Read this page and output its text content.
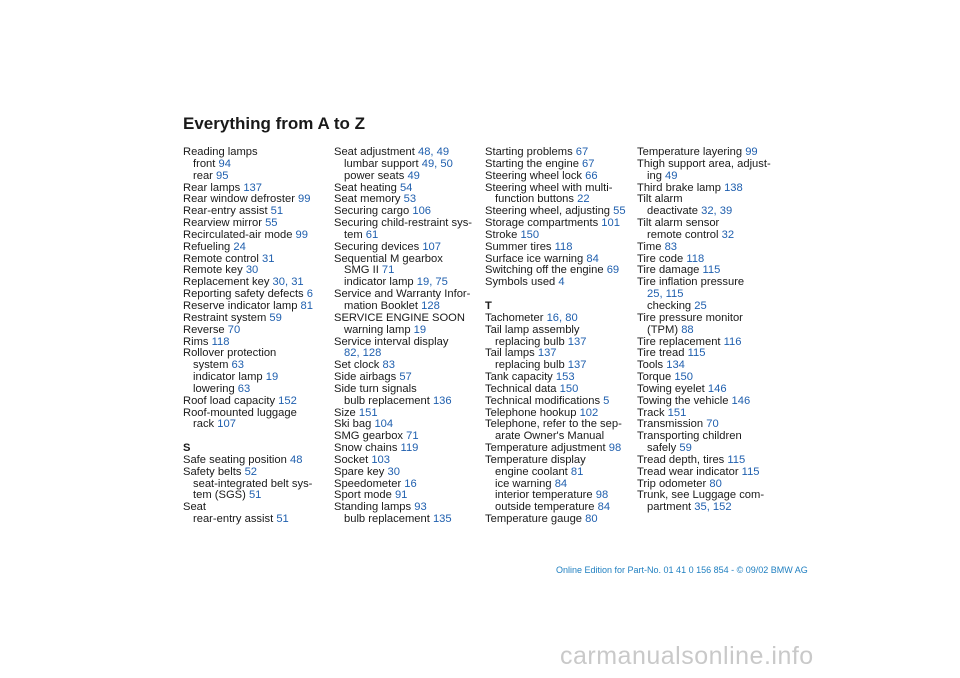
Everything from A to Z
Reading lamps
front 94
rear 95
Rear lamps 137
Rear window defroster 99
Rear-entry assist 51
Rearview mirror 55
Recirculated-air mode 99
Refueling 24
Remote control 31
Remote key 30
Replacement key 30, 31
Reporting safety defects 6
Reserve indicator lamp 81
Restraint system 59
Reverse 70
Rims 118
Rollover protection
system 63
indicator lamp 19
lowering 63
Roof load capacity 152
Roof-mounted luggage
rack 107
S
Safe seating position 48
Safety belts 52
seat-integrated belt sys-
tem (SGS) 51
Seat
rear-entry assist 51
Seat adjustment 48, 49
lumbar support 49, 50
power seats 49
Seat heating 54
Seat memory 53
Securing cargo 106
Securing child-restraint sys-
tem 61
Securing devices 107
Sequential M gearbox
SMG II 71
indicator lamp 19, 75
Service and Warranty Infor-
mation Booklet 128
SERVICE ENGINE SOON
warning lamp 19
Service interval display
82, 128
Set clock 83
Side airbags 57
Side turn signals
bulb replacement 136
Size 151
Ski bag 104
SMG gearbox 71
Snow chains 119
Socket 103
Spare key 30
Speedometer 16
Sport mode 91
Standing lamps 93
bulb replacement 135
Starting problems 67
Starting the engine 67
Steering wheel lock 66
Steering wheel with multi-
function buttons 22
Steering wheel, adjusting 55
Storage compartments 101
Stroke 150
Summer tires 118
Surface ice warning 84
Switching off the engine 69
Symbols used 4
T
Tachometer 16, 80
Tail lamp assembly
replacing bulb 137
Tail lamps 137
replacing bulb 137
Tank capacity 153
Technical data 150
Technical modifications 5
Telephone hookup 102
Telephone, refer to the sep-
arate Owner's Manual
Temperature adjustment 98
Temperature display
engine coolant 81
ice warning 84
interior temperature 98
outside temperature 84
Temperature gauge 80
Temperature layering 99
Thigh support area, adjust-
ing 49
Third brake lamp 138
Tilt alarm
deactivate 32, 39
Tilt alarm sensor
remote control 32
Time 83
Tire code 118
Tire damage 115
Tire inflation pressure
25, 115
checking 25
Tire pressure monitor
(TPM) 88
Tire replacement 116
Tire tread 115
Tools 134
Torque 150
Towing eyelet 146
Towing the vehicle 146
Track 151
Transmission 70
Transporting children
safely 59
Tread depth, tires 115
Tread wear indicator 115
Trip odometer 80
Trunk, see Luggage com-
partment 35, 152
Online Edition for Part-No. 01 41 0 156 854 - © 09/02 BMW AG
carmanualsonline.info
